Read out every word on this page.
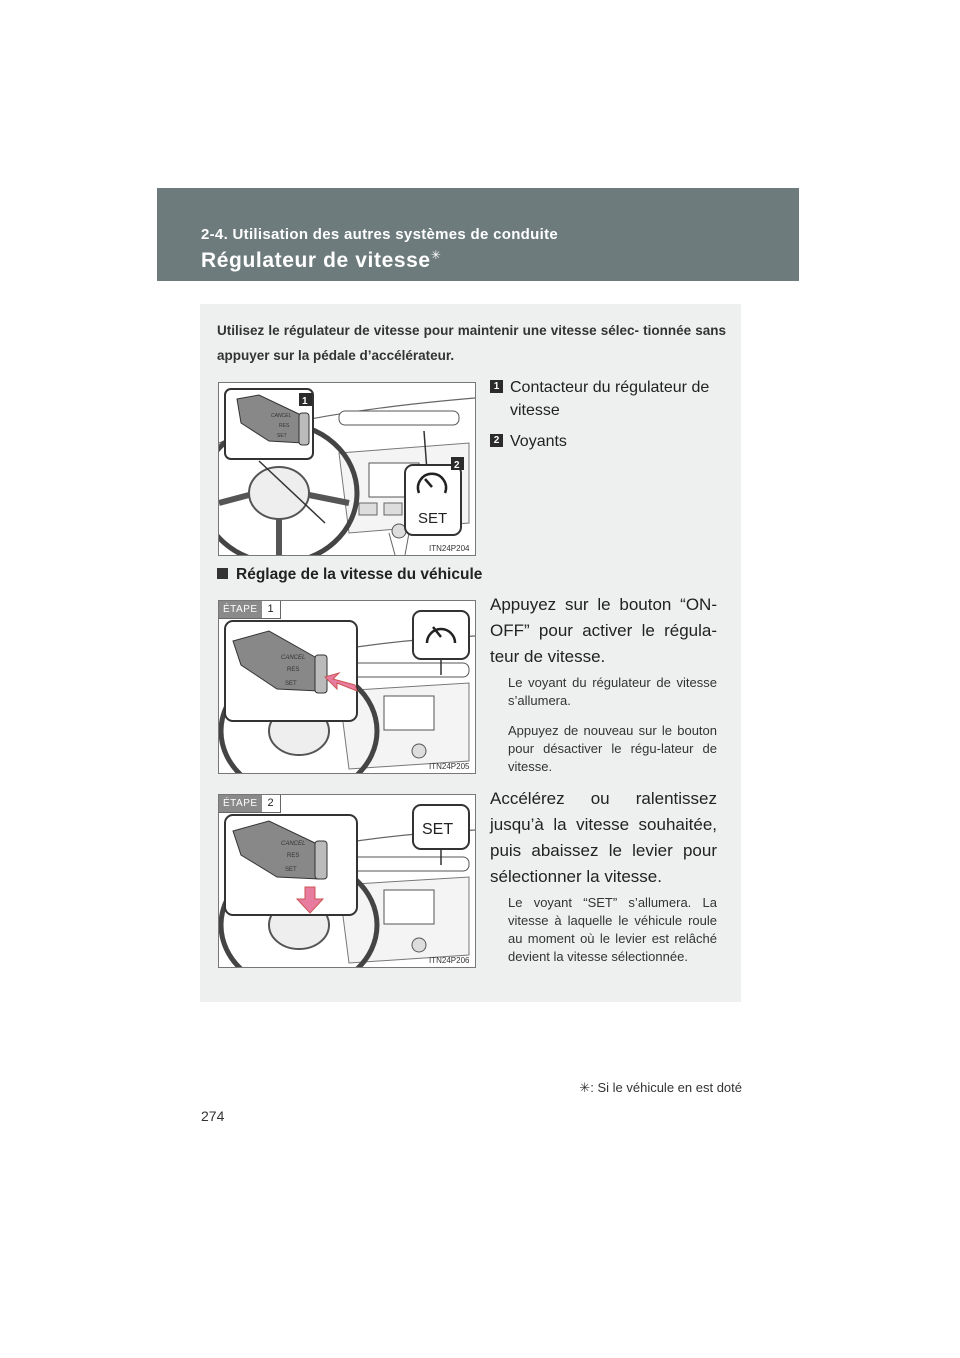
2-4. Utilisation des autres systèmes de conduite
Régulateur de vitesse✳
Utilisez le régulateur de vitesse pour maintenir une vitesse sélec- tionnée sans appuyer sur la pédale d’accélérateur.
CANCEL
RES
SET
1
SET
2
ITN24P204
1 Contacteur du régulateur de vitesse
2 Voyants
Réglage de la vitesse du véhicule
CANCEL
RES
SET
ITN24P205
ÉTAPE 1	Appuyez sur le bouton “ON-OFF” pour activer le régula-teur de vitesse.
Le voyant du régulateur de vitesse s’allumera.
Appuyez de nouveau sur le bouton pour désactiver le régu-lateur de vitesse.
CANCEL
RES
SET
SET
ITN24P206
ÉTAPE 2	Accélérez ou ralentissez jusqu’à la vitesse souhaitée, puis abaissez le levier pour sélectionner la vitesse.
Le voyant “SET” s’allumera. La vitesse à laquelle le véhicule roule au moment où le levier est relâché devient la vitesse sélectionnée.
✳: Si le véhicule en est doté
274
